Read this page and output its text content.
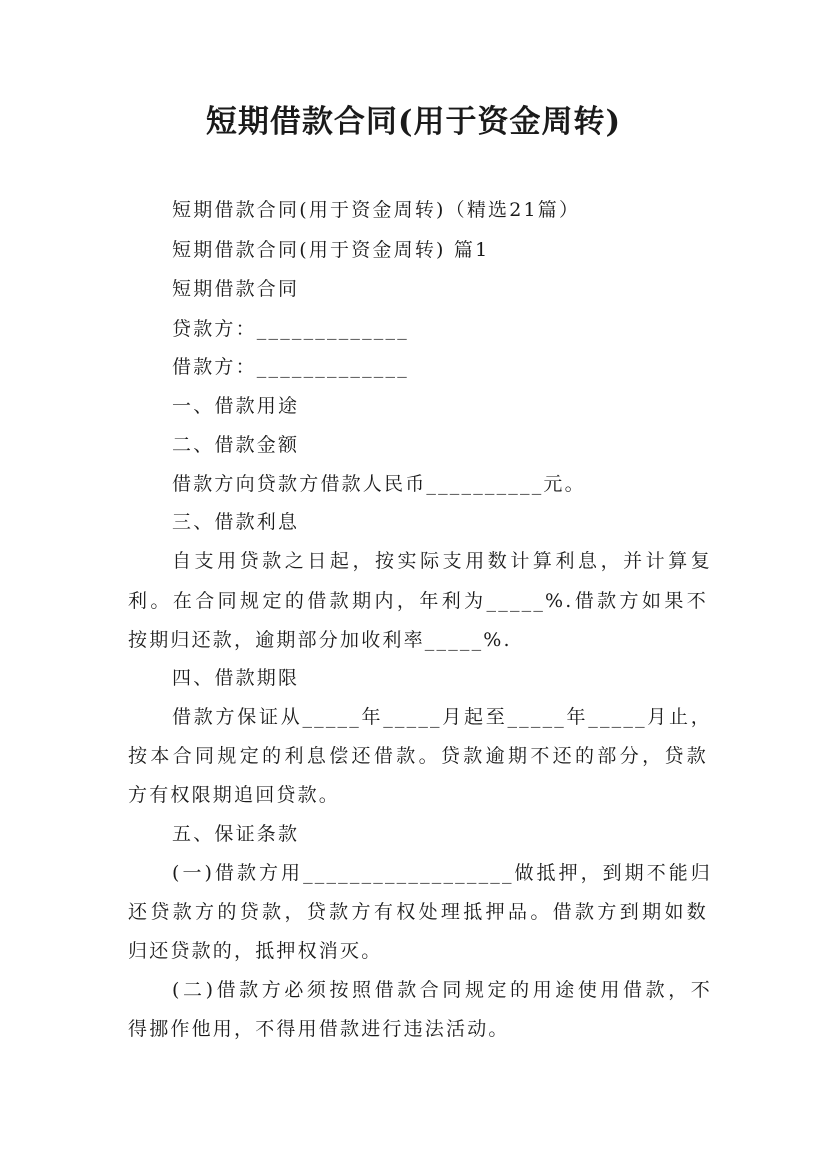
短期借款合同(用于资金周转)
短期借款合同(用于资金周转)（精选21篇）
短期借款合同(用于资金周转) 篇1
短期借款合同
贷款方：_____________
借款方：_____________
一、借款用途
二、借款金额
借款方向贷款方借款人民币__________元。
三、借款利息
自支用贷款之日起，按实际支用数计算利息，并计算复
利。在合同规定的借款期内，年利为_____%.借款方如果不
按期归还款，逾期部分加收利率_____%.
四、借款期限
借款方保证从_____年_____月起至_____年_____月止，
按本合同规定的利息偿还借款。贷款逾期不还的部分，贷款
方有权限期追回贷款。
五、保证条款
(一)借款方用__________________做抵押，到期不能归
还贷款方的贷款，贷款方有权处理抵押品。借款方到期如数
归还贷款的，抵押权消灭。
(二)借款方必须按照借款合同规定的用途使用借款，不
得挪作他用，不得用借款进行违法活动。
